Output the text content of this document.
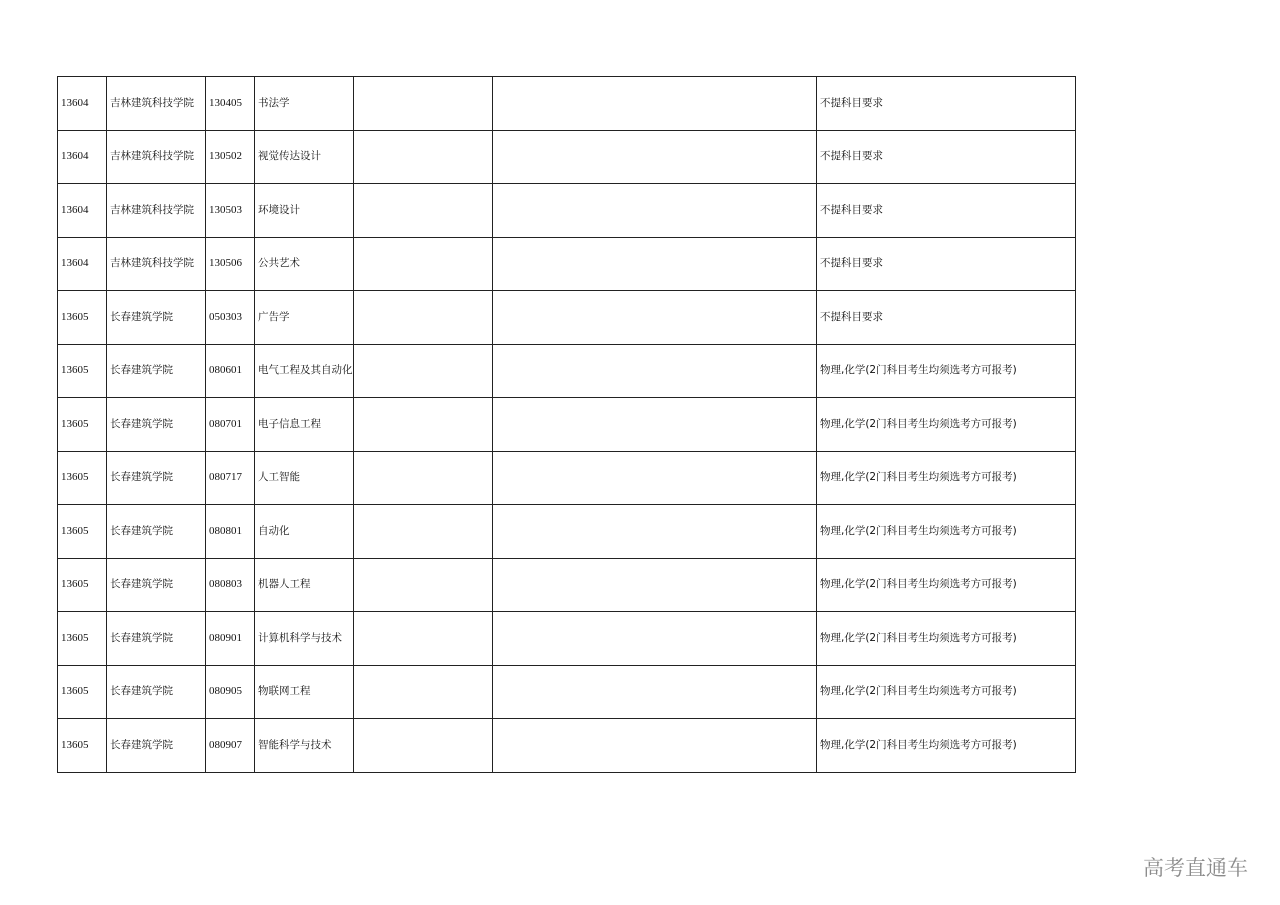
13604	吉林建筑科技学院	130405	书法学			不提科目要求
13604	吉林建筑科技学院	130502	视觉传达设计			不提科目要求
13604	吉林建筑科技学院	130503	环境设计			不提科目要求
13604	吉林建筑科技学院	130506	公共艺术			不提科目要求
13605	长春建筑学院	050303	广告学			不提科目要求
13605	长春建筑学院	080601	电气工程及其自动化			物理,化学(2门科目考生均须选考方可报考)
13605	长春建筑学院	080701	电子信息工程			物理,化学(2门科目考生均须选考方可报考)
13605	长春建筑学院	080717	人工智能			物理,化学(2门科目考生均须选考方可报考)
13605	长春建筑学院	080801	自动化			物理,化学(2门科目考生均须选考方可报考)
13605	长春建筑学院	080803	机器人工程			物理,化学(2门科目考生均须选考方可报考)
13605	长春建筑学院	080901	计算机科学与技术			物理,化学(2门科目考生均须选考方可报考)
13605	长春建筑学院	080905	物联网工程			物理,化学(2门科目考生均须选考方可报考)
13605	长春建筑学院	080907	智能科学与技术			物理,化学(2门科目考生均须选考方可报考)
高考直通车
